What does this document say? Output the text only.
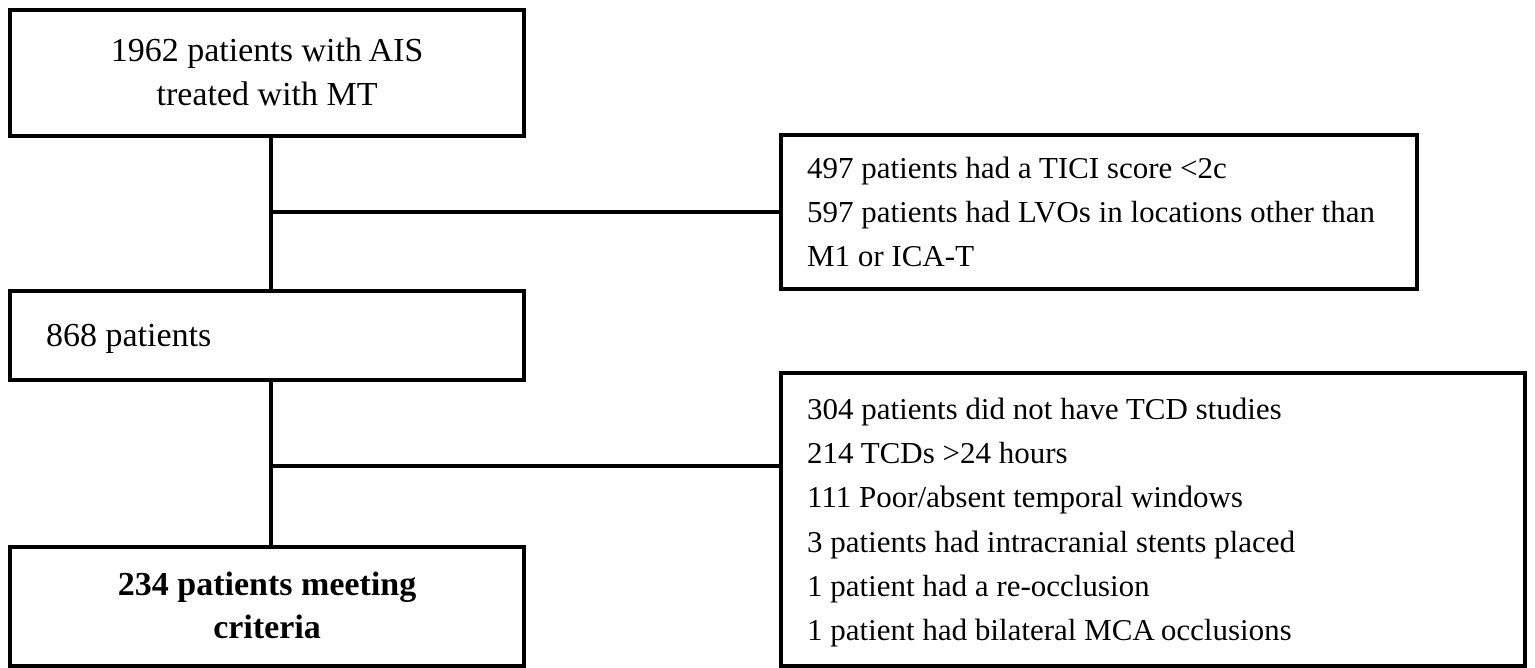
1962 patients with AIS
treated with MT
497 patients had a TICI score <2c
597 patients had LVOs in locations other than M1 or ICA-T
868 patients
304 patients did not have TCD studies
214 TCDs >24 hours
111 Poor/absent temporal windows
3 patients had intracranial stents placed
1 patient had a re-occlusion
1 patient had bilateral MCA occlusions
234 patients meeting
criteria
